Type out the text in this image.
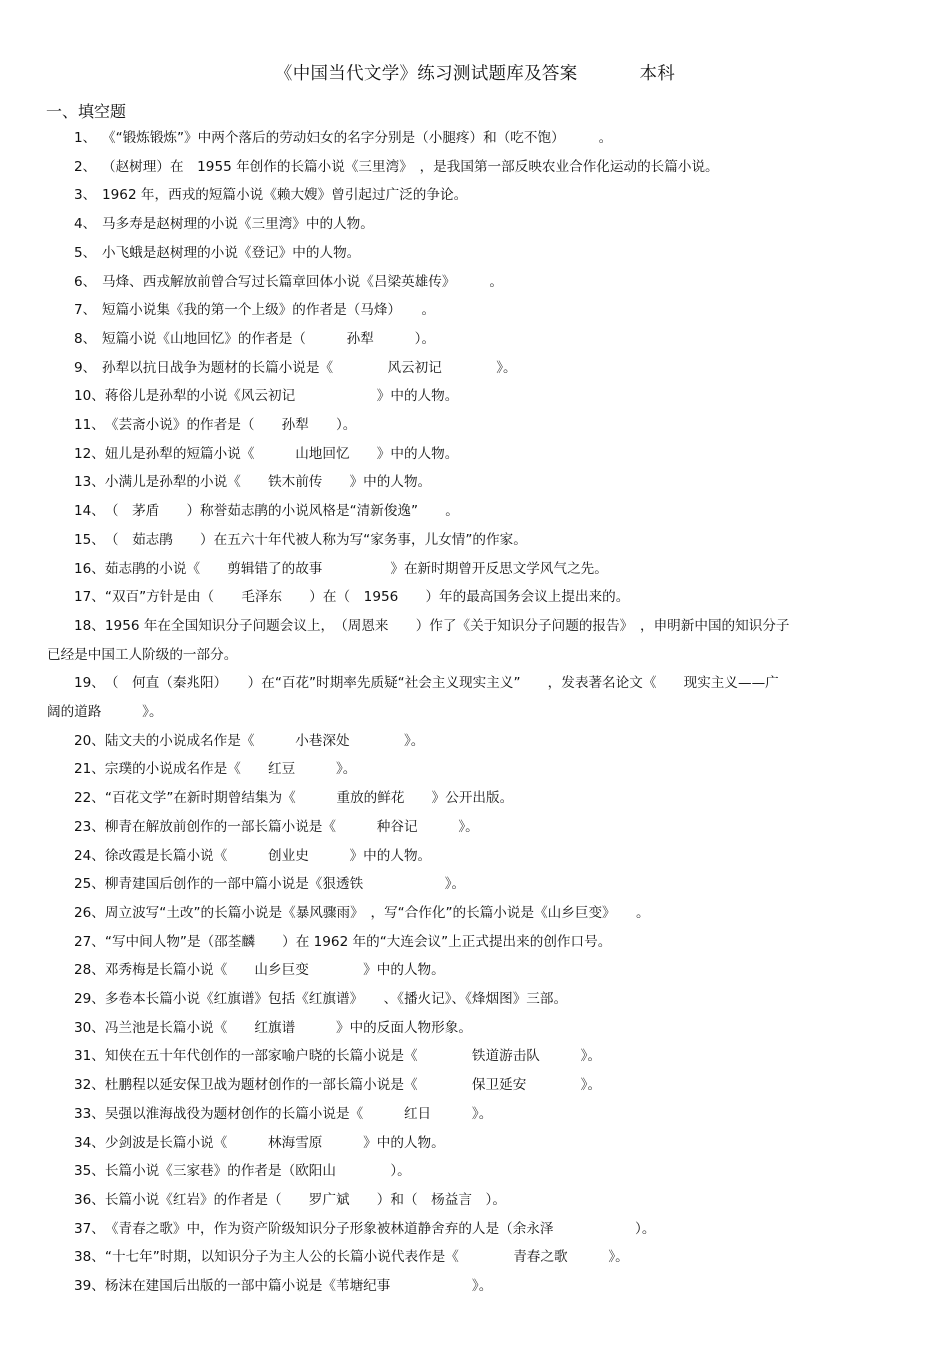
《中国当代文学》练习测试题库及答案	本科
一、填空题
1、 《“锻炼锻炼”》中两个落后的劳动妇女的名字分别是（小腿疼）和（吃不饱）　　　。
2、 （赵树理）在　1955 年创作的长篇小说《三里湾》　，是我国第一部反映农业合作化运动的长篇小说。
3、 1962 年，西戎的短篇小说《赖大嫂》曾引起过广泛的争论。
4、 马多寿是赵树理的小说《三里湾》中的人物。
5、 小飞蛾是赵树理的小说《登记》中的人物。
6、 马烽、西戎解放前曾合写过长篇章回体小说《吕梁英雄传》　　　。
7、 短篇小说集《我的第一个上级》的作者是（马烽）　　。
8、 短篇小说《山地回忆》的作者是（　　　孙犁　　　）。
9、 孙犁以抗日战争为题材的长篇小说是《　　　　风云初记　　　　》。
10、蒋俗儿是孙犁的小说《风云初记　　　　　　》中的人物。
11、《芸斋小说》的作者是（　　孙犁　　）。
12、妞儿是孙犁的短篇小说《　　　山地回忆　　》中的人物。
13、小满儿是孙犁的小说《　　铁木前传　　》中的人物。
14、（　茅盾　　）称誉茹志鹃的小说风格是“清新俊逸”　　。
15、（　茹志鹃　　）在五六十年代被人称为写“家务事，儿女情”的作家。
16、茹志鹃的小说《　　剪辑错了的故事　　　　　》在新时期曾开反思文学风气之先。
17、“双百”方针是由（　　毛泽东　　）在（　1956　　）年的最高国务会议上提出来的。
18、1956 年在全国知识分子问题会议上，　（周恩来　　）作了《关于知识分子问题的报告》　，申明新中国的知识分子
已经是中国工人阶级的一部分。
19、（　何直（秦兆阳）　　）在“百花”时期率先质疑“社会主义现实主义”　　，发表著名论文《　　现实主义——广
阔的道路　　　》。
20、陆文夫的小说成名作是《　　　小巷深处　　　　》。
21、宗璞的小说成名作是《　　红豆　　　》。
22、“百花文学”在新时期曾结集为《　　　重放的鲜花　　》公开出版。
23、柳青在解放前创作的一部长篇小说是《　　　种谷记　　　》。
24、徐改霞是长篇小说《　　　创业史　　　》中的人物。
25、柳青建国后创作的一部中篇小说是《狠透铁　　　　　　》。
26、周立波写“土改”的长篇小说是《暴风骤雨》　，写“合作化”的长篇小说是《山乡巨变》　　。
27、“写中间人物”是（邵荃麟　　）在 1962 年的“大连会议”上正式提出来的创作口号。
28、邓秀梅是长篇小说《　　山乡巨变　　　　》中的人物。
29、多卷本长篇小说《红旗谱》包括《红旗谱》　　、《播火记》、《烽烟图》三部。
30、冯兰池是长篇小说《　　红旗谱　　　》中的反面人物形象。
31、知侠在五十年代创作的一部家喻户晓的长篇小说是《　　　　铁道游击队　　　》。
32、杜鹏程以延安保卫战为题材创作的一部长篇小说是《　　　　保卫延安　　　　》。
33、吴强以淮海战役为题材创作的长篇小说是《　　　红日　　　》。
34、少剑波是长篇小说《　　　林海雪原　　　》中的人物。
35、长篇小说《三家巷》的作者是（欧阳山　　　　）。
36、长篇小说《红岩》的作者是（　　罗广斌　　）和（　杨益言　）。
37、《青春之歌》中，作为资产阶级知识分子形象被林道静舍弃的人是（余永泽　　　　　　）。
38、“十七年”时期，以知识分子为主人公的长篇小说代表作是《　　　　青春之歌　　　》。
39、杨沫在建国后出版的一部中篇小说是《苇塘纪事　　　　　　》。
